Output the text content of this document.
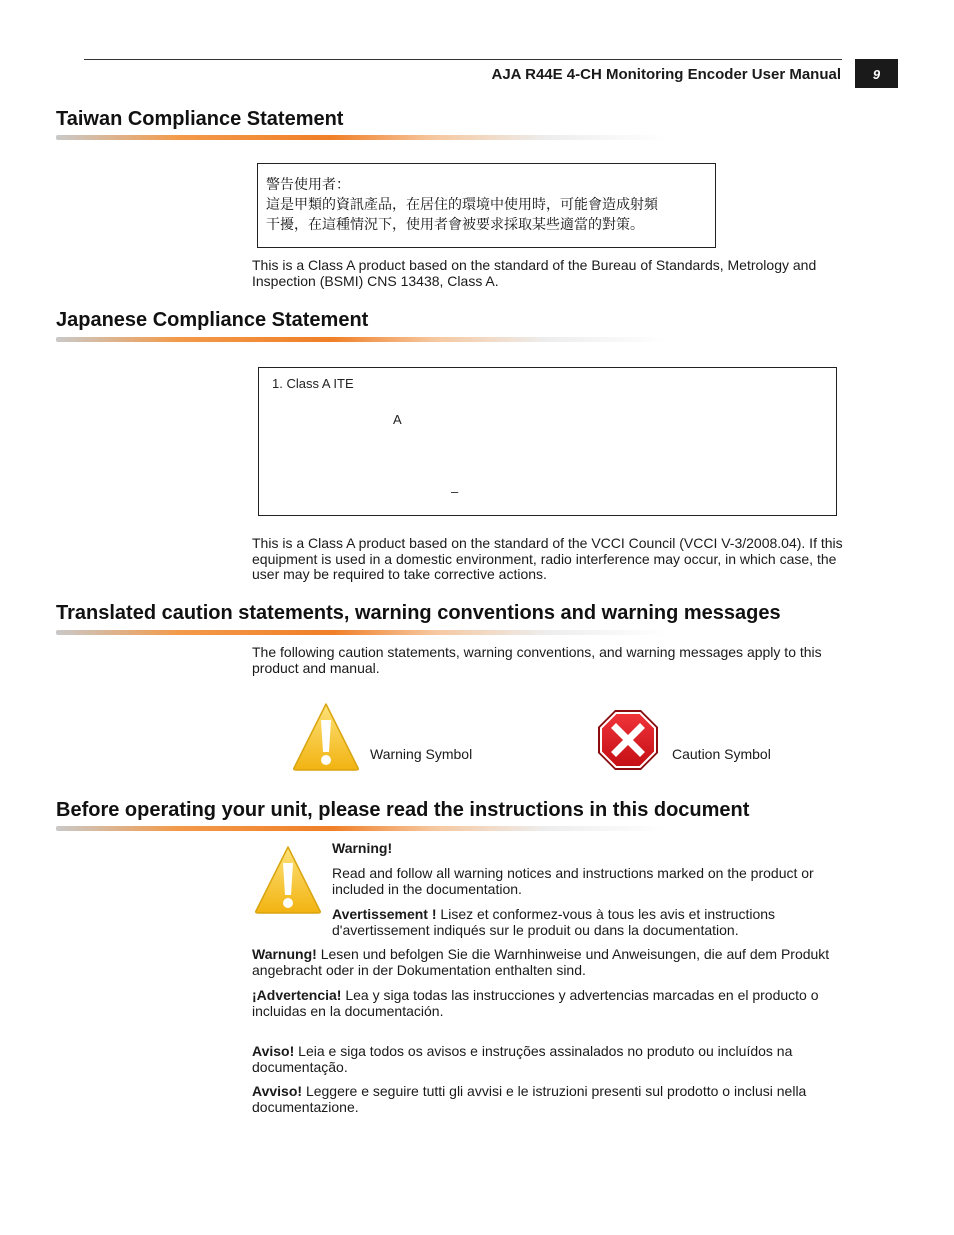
AJA R44E 4-CH Monitoring Encoder User Manual	9
Taiwan Compliance Statement
警告使用者：
這是甲類的資訊產品，在居住的環境中使用時，可能會造成射頻
干擾，在這種情況下，使用者會被要求採取某些適當的對策。
This is a Class A product based on the standard of the Bureau of Standards, Metrology and Inspection (BSMI) CNS 13438, Class A.
Japanese Compliance Statement
1. Class A ITE
A
–
This is a Class A product based on the standard of the VCCI Council (VCCI V-3/2008.04). If this equipment is used in a domestic environment, radio interference may occur, in which case, the user may be required to take corrective actions.
Translated caution statements, warning conventions and warning messages
The following caution statements, warning conventions, and warning messages apply to this product and manual.
Warning Symbol	Caution Symbol
Before operating your unit, please read the instructions in this document
Warning!
Read and follow all warning notices and instructions marked on the product or included in the documentation.
Avertissement ! Lisez et conformez-vous à tous les avis et instructions d'avertissement indiqués sur le produit ou dans la documentation.
Warnung! Lesen und befolgen Sie die Warnhinweise und Anweisungen, die auf dem Produkt angebracht oder in der Dokumentation enthalten sind.
¡Advertencia! Lea y siga todas las instrucciones y advertencias marcadas en el producto o incluidas en la documentación.
Aviso! Leia e siga todos os avisos e instruções assinalados no produto ou incluídos na documentação.
Avviso! Leggere e seguire tutti gli avvisi e le istruzioni presenti sul prodotto o inclusi nella documentazione.
